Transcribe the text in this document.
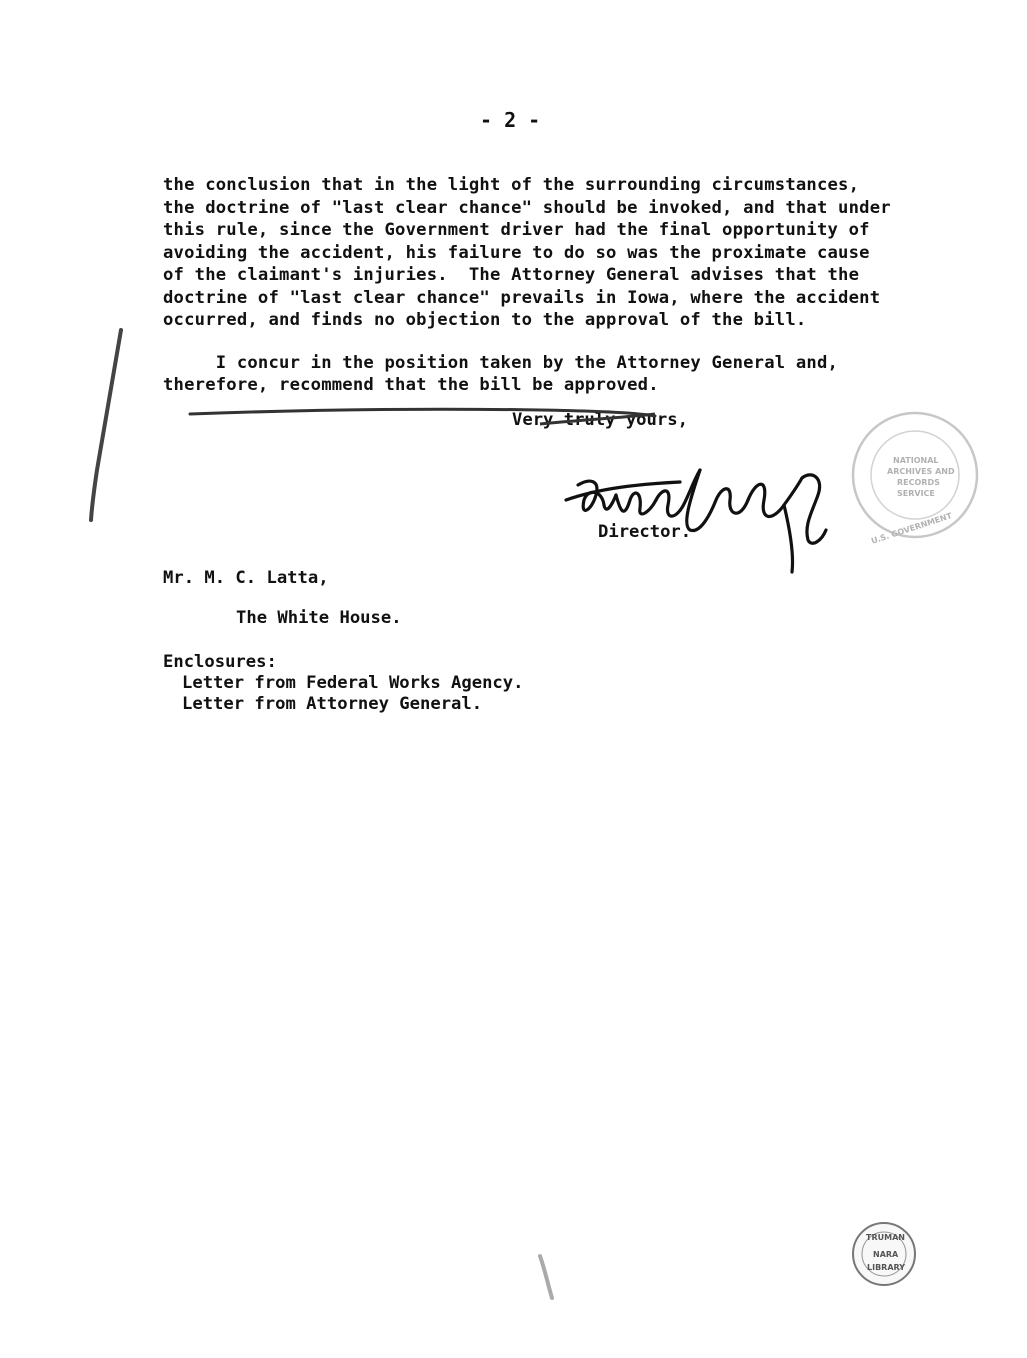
- 2 -
the conclusion that in the light of the surrounding circumstances,
the doctrine of "last clear chance" should be invoked, and that under
this rule, since the Government driver had the final opportunity of
avoiding the accident, his failure to do so was the proximate cause
of the claimant's injuries.  The Attorney General advises that the
doctrine of "last clear chance" prevails in Iowa, where the accident
occurred, and finds no objection to the approval of the bill.
I concur in the position taken by the Attorney General and,
therefore, recommend that the bill be approved.
Very truly yours,
Director.
Mr. M. C. Latta,
The White House.
Enclosures:
Letter from Federal Works Agency.
Letter from Attorney General.
NATIONAL
ARCHIVES AND
RECORDS
SERVICE
U.S. GOVERNMENT
TRUMAN
LIBRARY
NARA
